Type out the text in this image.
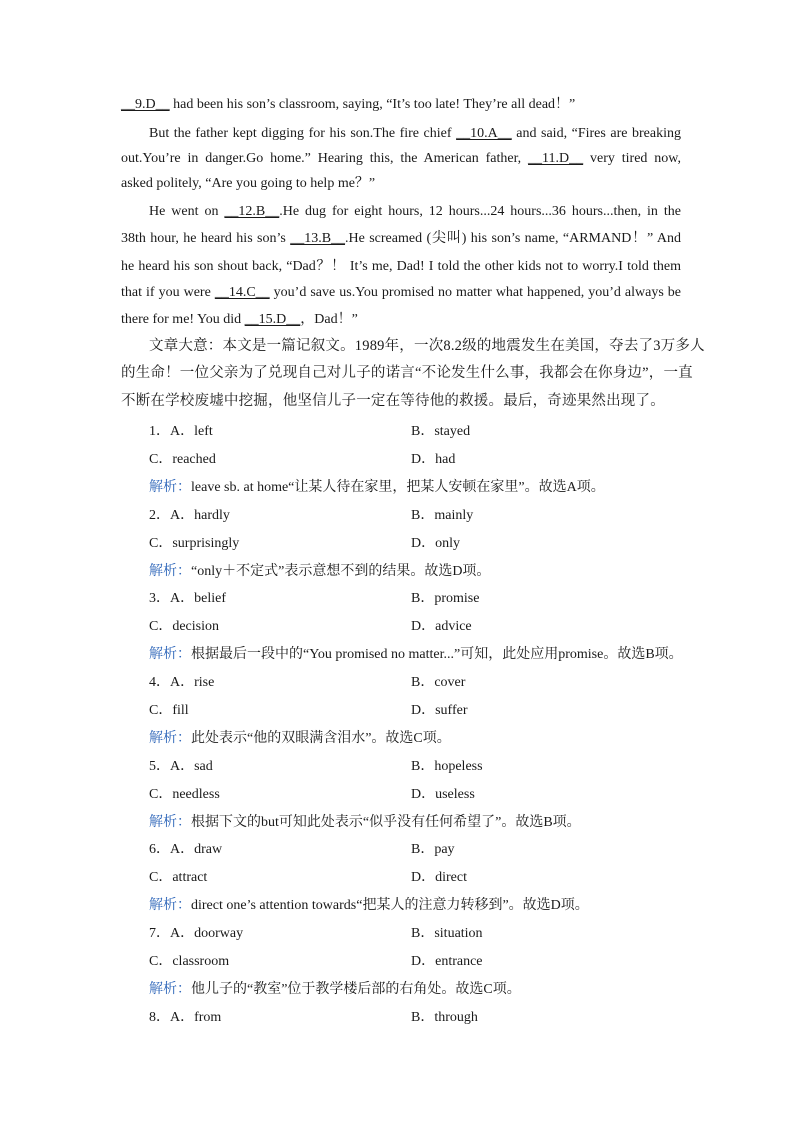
__9.D__ had been his son’s classroom, saying, “It’s too late! They’re all dead！”
But the father kept digging for his son.The fire chief __10.A__ and said, “Fires are breaking
out.You’re in danger.Go home.” Hearing this, the American father, __11.D__ very tired now,
asked politely, “Are you going to help me？”
He went on __12.B__.He dug for eight hours, 12 hours...24 hours...36 hours...then, in the
38th hour, he heard his son’s __13.B__.He screamed (尖叫) his son’s name, “ARMAND！” And
he heard his son shout back, “Dad？！ It’s me, Dad! I told the other kids not to worry.I told them
that if you were __14.C__ you’d save us.You promised no matter what happened, you’d always be
there for me! You did __15.D__，Dad！”
文章大意：本文是一篇记叙文。1989年，一次8.2级的地震发生在美国，夺去了3万多人
的生命！一位父亲为了兑现自己对儿子的诺言“不论发生什么事，我都会在你身边”，一直
不断在学校废墟中挖掘，他坚信儿子一定在等待他的救援。最后，奇迹果然出现了。
1．A．left	B．stayed
C．reached	D．had
解析：leave sb. at home“让某人待在家里，把某人安顿在家里”。故选A项。
2．A．hardly	B．mainly
C．surprisingly	D．only
解析：“only＋不定式”表示意想不到的结果。故选D项。
3．A．belief	B．promise
C．decision	D．advice
解析：根据最后一段中的“You promised no matter...”可知，此处应用promise。故选B项。
4．A．rise	B．cover
C．fill	D．suffer
解析：此处表示“他的双眼满含泪水”。故选C项。
5．A．sad	B．hopeless
C．needless	D．useless
解析：根据下文的but可知此处表示“似乎没有任何希望了”。故选B项。
6．A．draw	B．pay
C．attract	D．direct
解析：direct one’s attention towards“把某人的注意力转移到”。故选D项。
7．A．doorway	B．situation
C．classroom	D．entrance
解析：他儿子的“教室”位于教学楼后部的右角处。故选C项。
8．A．from	B．through
